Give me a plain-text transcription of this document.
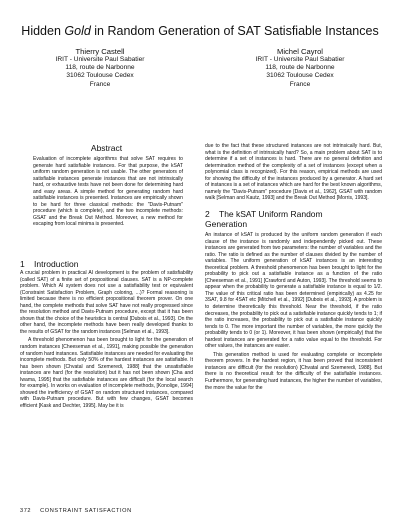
Hidden Gold in Random Generation of SAT Satisfiable Instances
Thierry Castell
IRIT - Universite Paul Sabatier
118, route de Narbonne
31062 Toulouse Cedex
France
Michel Cayrol
IRIT - Universite Paul Sabatier
118, route de Narbonne
31062 Toulouse Cedex
France
Abstract
Evaluation of incomplete algorithms that solve SAT requires to generate hard satisfiable instances. For that purpose, the kSAT uniform random generation is not usable. The other generators of satisfiable instances generate instances that are not intrinsically hard, or exhaustive tests have not been done for determining hard and easy areas. A simple method for generating random hard satisfiable instances is presented. Instances are empirically shown to be hard for three classical methods: the "Davis-Putnam" procedure (which is complete), and the two incomplete methods: GSAT and the Break Out Method. Moreover, a new method for escaping from local minima is presented.
1 Introduction

A crucial problem in practical AI development is the problem of satisfiability (called SAT) of a finite set of propositional clauses. SAT is a NP-complete problem. Which AI system does not use a satisfiability test or equivalent (Constraint Satisfaction Problem, Graph coloring, ...)? Formal reasoning is limited because there is no efficient propositional theorem prover. On one hand, the complete methods that solve SAT have not really progressed since the resolution method and Davis-Putnam procedure, except that it has been shown that the choice of the heuristics is central [Dubois et al., 1993]. On the other hand, the incomplete methods have been really developed thanks to the results of GSAT for the random instances [Selman et al., 1993].

A threshold phenomenon has been brought to light for the generation of random instances [Cheeseman et al., 1991], making possible the generation of random hard instances. Satisfiable instances are needed for evaluating the incomplete methods. But only 50% of the hardest instances are satisfiable. It has been shown [Chvatal and Szemeredi, 1988] that the unsatisfiable instances are hard (for the resolution) but it has not been shown [Cha and Iwama, 1995] that the satisfiable instances are difficult (for the local search for example). In works on evaluation of incomplete methods, [Konolige, 1994] showed the inefficiency of GSAT on random structured instances, compared with Davis-Putnam procedure. But with few changes, GSAT becomes efficient [Kask and Dechter, 1995]. May be it is

due to the fact that these structured instances are not intrinsically hard. But, what is the definition of intrinsically hard? So, a main problem about SAT is to determine if a set of instances is hard. There are no general definition and determination method of the complexity of a set of instances (except when a polynomial class is recognized). For this reason, empirical methods are used for showing the difficulty of the instances produced by a generator. A hard set of instances is a set of instances which are hard for the best known algorithms, namely the "Davis-Putnam" procedure [Davis et al., 1962], GSAT with random walk [Selman and Kautz, 1993] and the Break Out Method [Morris, 1993].
2 The kSAT Uniform Random
Generation

An instance of kSAT is produced by the uniform random generation if each clause of the instance is randomly and independently picked out. These instances are generated from two parameters: the number of variables and the ratio. The ratio is defined as the number of clauses divided by the number of variables. The uniform generation of kSAT instances is an interesting theoretical problem. A threshold phenomenon has been brought to light for the probability to pick out a satisfiable instance as a function of the ratio [Cheeseman et al., 1991] [Crawford and Auton, 1993]. The threshold seems to appear when the probability to generate a satisfiable instance is equal to 1/2. The value of this critical ratio has been determined (empirically) as 4.25 for 3SAT, 9.8 for 4SAT etc [Mitchell et al., 1992] [Dubois et al., 1993]. A problem is to determine theoretically this threshold. Near the threshold, if the ratio decreases, the probability to pick out a satisfiable instance quickly tends to 1; if the ratio increases, the probability to pick out a satisfiable instance quickly tends to 0. The more important the number of variables, the more quickly the probability tends to 0 (or 1). Moreover, it has been shown (empirically) that the hardest instances are generated for a ratio value equal to the threshold. For other values, the instances are easier.

This generation method is used for evaluating complete or incomplete theorem provers. In the hardest region, it has been proved that inconsistent instances are difficult (for the resolution) [Chvatal and Szemeredi, 1988]. But there is no theoretical result for the difficulty of the satisfiable instances. Furthermore, for generating hard instances, the higher the number of variables, the more the value for the

372 CONSTRAINT SATISFACTION
